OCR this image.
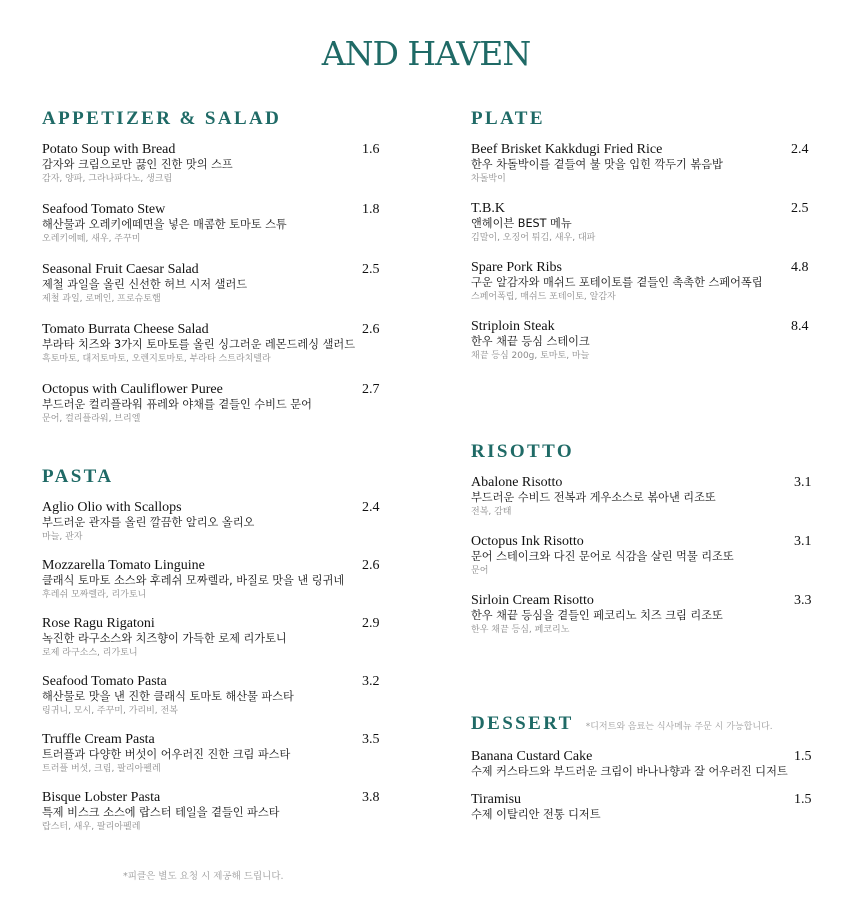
AND HAVEN
APPETIZER & SALAD
Potato Soup with Bread
감자와 크림으로만 끓인 진한 맛의 스프
감자, 양파, 그라나파다노, 생크림
1.6
Seafood Tomato Stew
해산물과 오레키에떼면을 넣은 매콤한 토마토 스튜
오레키에떼, 새우, 주꾸미
1.8
Seasonal Fruit Caesar Salad
제철 과일을 올린 신선한 허브 시저 샐러드
제철 과일, 로메인, 프로슈토햄
2.5
Tomato Burrata Cheese Salad
부라타 치즈와 3가지 토마토를 올린 싱그러운 레몬드레싱 샐러드
흑토마토, 대저토마토, 오렌지토마토, 부라타 스트라치텔라
2.6
Octopus with Cauliflower Puree
부드러운 컬리플라워 퓨레와 야채를 곁들인 수비드 문어
문어, 컬리플라워, 브리엘
2.7
PASTA
Aglio Olio with Scallops
부드러운 관자를 올린 깔끔한 알리오 올리오
마늘, 관자
2.4
Mozzarella Tomato Linguine
클래식 토마토 소스와 후레쉬 모짜렐라, 바질로 맛을 낸 링귀네
후레쉬 모짜렐라, 리가토니
2.6
Rose Ragu Rigatoni
녹진한 라구소스와 치즈향이 가득한 로제 리가토니
로제 라구소스, 리가토니
2.9
Seafood Tomato Pasta
해산물로 맛을 낸 진한 클래식 토마토 해산물 파스타
링귀니, 모시, 주꾸미, 가리비, 전복
3.2
Truffle Cream Pasta
트러플과 다양한 버섯이 어우러진 진한 크림 파스타
트러플 버섯, 크림, 팔리아펠레
3.5
Bisque Lobster Pasta
특제 비스크 소스에 랍스터 테일을 곁들인 파스타
랍스터, 새우, 팔리아펠레
3.8
*피클은 별도 요청 시 제공해 드립니다.
PLATE
Beef Brisket Kakkdugi Fried Rice
한우 차돌박이를 곁들여 불 맛을 입힌 깍두기 볶음밥
차돌박이
2.4
T.B.K
앤헤이븐 BEST 메뉴
김말이, 오징어 튀김, 새우, 대파
2.5
Spare Pork Ribs
구운 알감자와 매쉬드 포테이토를 곁들인 촉촉한 스페어폭립
스페어폭립, 매쉬드 포테이토, 알감자
4.8
Striploin Steak
한우 채끝 등심 스테이크
채끝 등심 200g, 토마토, 마늘
8.4
RISOTTO
Abalone Risotto
부드러운 수비드 전복과 게우소스로 볶아낸 리조또
전복, 감태
3.1
Octopus Ink Risotto
문어 스테이크와 다진 문어로 식감을 살린 먹물 리조또
문어
3.1
Sirloin Cream Risotto
한우 채끝 등심을 곁들인 페코리노 치즈 크림 리조또
한우 채끝 등심, 페코리노
3.3
DESSERT *디저트와 음료는 식사메뉴 주문 시 가능합니다.
Banana Custard Cake
수제 커스타드와 부드러운 크림이 바나나향과 잘 어우러진 디저트
1.5
Tiramisu
수제 이탈리안 전통 디저트
1.5
